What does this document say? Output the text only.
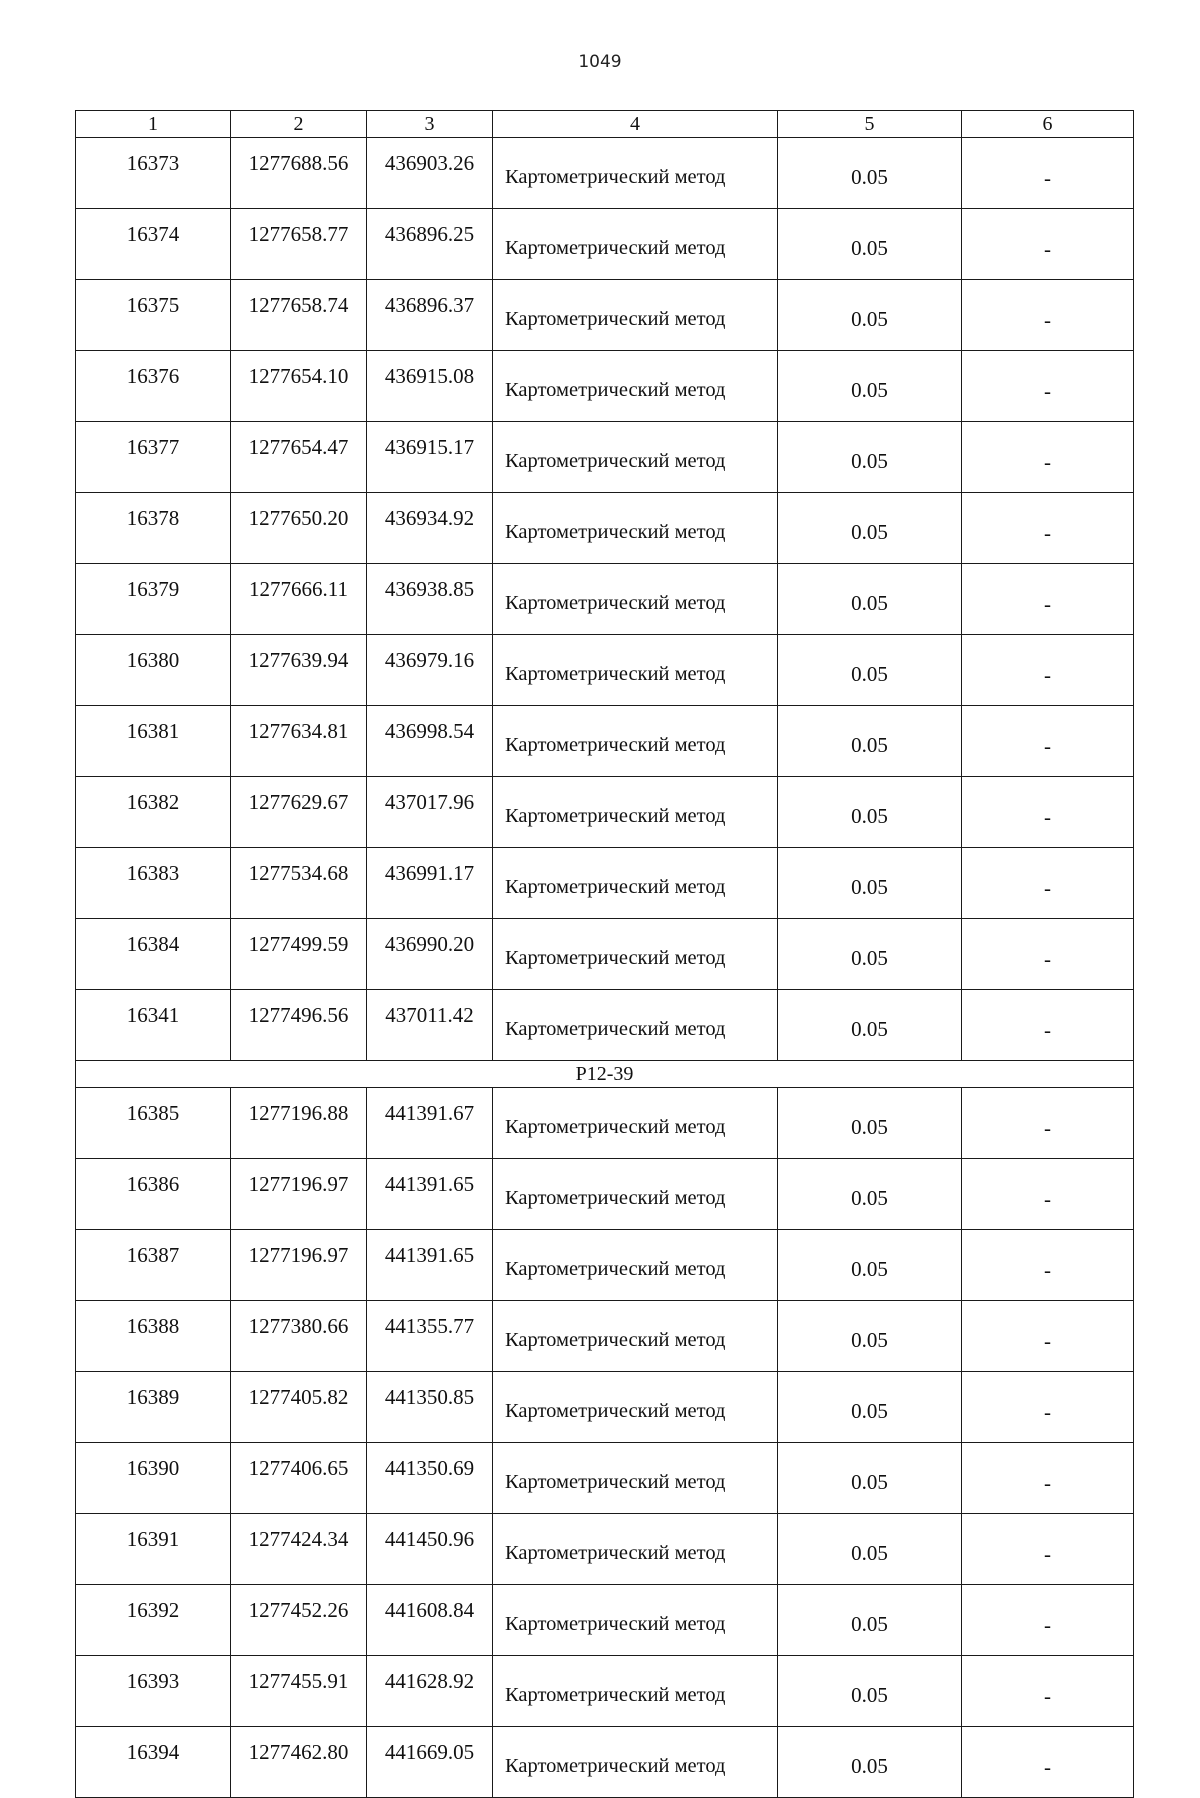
1049
1	2	3	4	5	6
16373	1277688.56	436903.26	Картометрический метод	0.05	-
16374	1277658.77	436896.25	Картометрический метод	0.05	-
16375	1277658.74	436896.37	Картометрический метод	0.05	-
16376	1277654.10	436915.08	Картометрический метод	0.05	-
16377	1277654.47	436915.17	Картометрический метод	0.05	-
16378	1277650.20	436934.92	Картометрический метод	0.05	-
16379	1277666.11	436938.85	Картометрический метод	0.05	-
16380	1277639.94	436979.16	Картометрический метод	0.05	-
16381	1277634.81	436998.54	Картометрический метод	0.05	-
16382	1277629.67	437017.96	Картометрический метод	0.05	-
16383	1277534.68	436991.17	Картометрический метод	0.05	-
16384	1277499.59	436990.20	Картометрический метод	0.05	-
16341	1277496.56	437011.42	Картометрический метод	0.05	-
P12-39					
16385	1277196.88	441391.67	Картометрический метод	0.05	-
16386	1277196.97	441391.65	Картометрический метод	0.05	-
16387	1277196.97	441391.65	Картометрический метод	0.05	-
16388	1277380.66	441355.77	Картометрический метод	0.05	-
16389	1277405.82	441350.85	Картометрический метод	0.05	-
16390	1277406.65	441350.69	Картометрический метод	0.05	-
16391	1277424.34	441450.96	Картометрический метод	0.05	-
16392	1277452.26	441608.84	Картометрический метод	0.05	-
16393	1277455.91	441628.92	Картометрический метод	0.05	-
16394	1277462.80	441669.05	Картометрический метод	0.05	-
